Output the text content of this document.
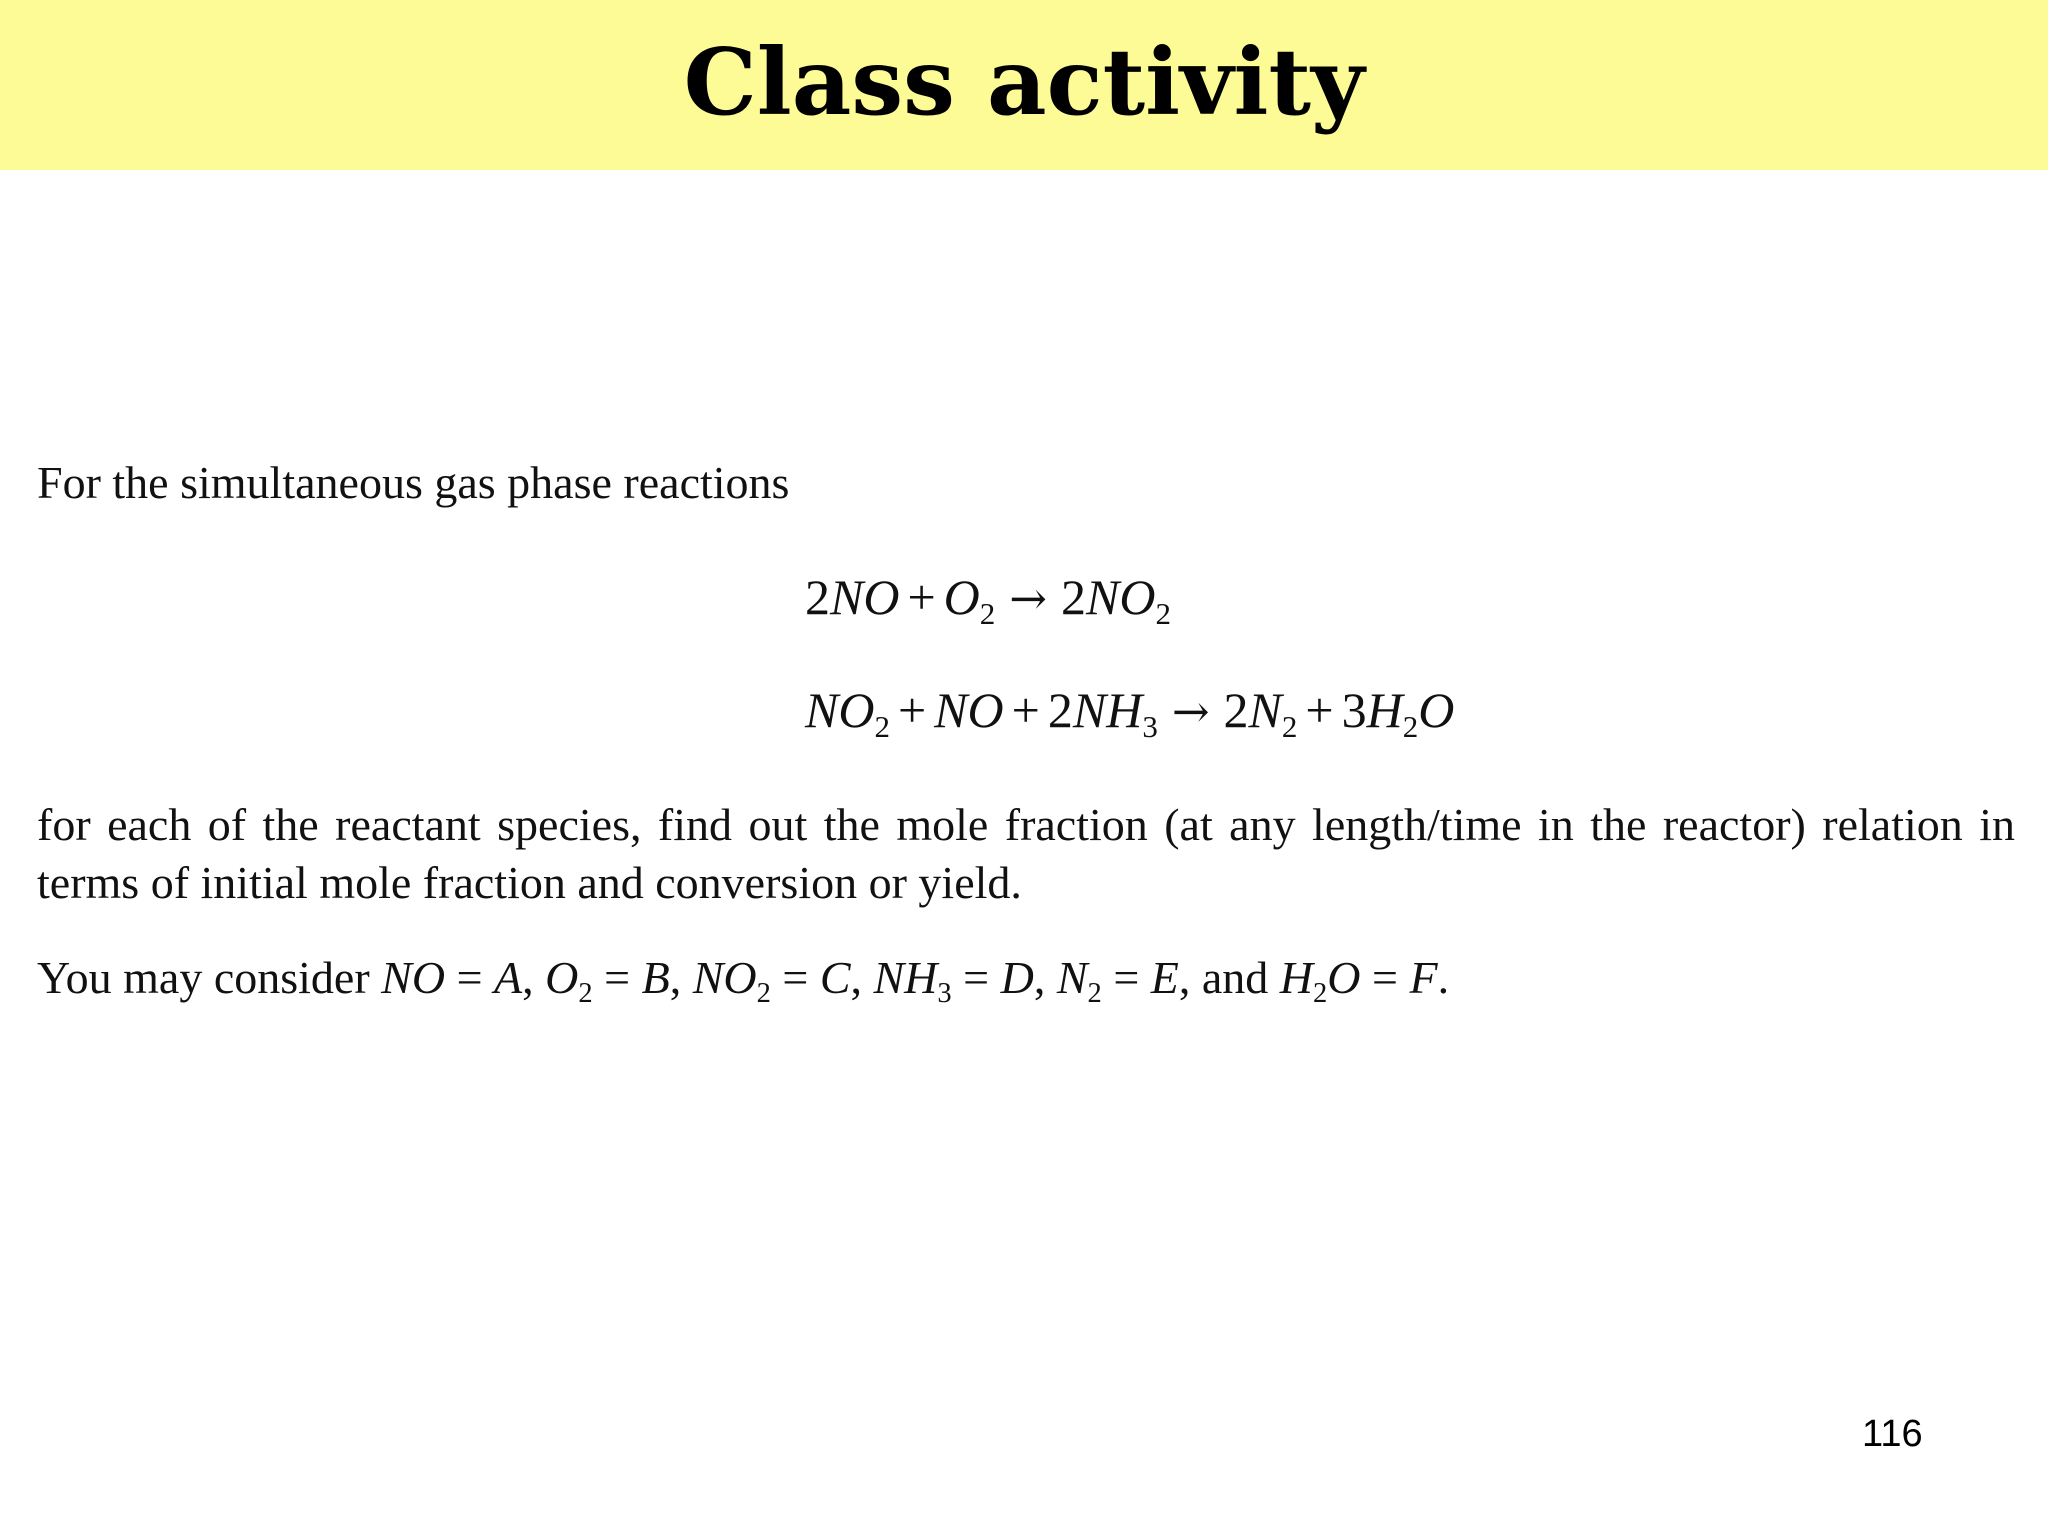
Class activity
For the simultaneous gas phase reactions
$2NO + O_2 \to 2NO_2$
$NO_2$ + NO + $2NH_3 \to 2N_2 + 3H_2O$
for each of the reactant species, find out the mole fraction (at any length/time in the reactor) relation in terms of initial mole fraction and conversion or yield.
You may consider NO = A, $O_2 = B$, $NO_2 = C$, $NH_3 = D$, $N_2 = E$, and $H_2O = F$.
116
